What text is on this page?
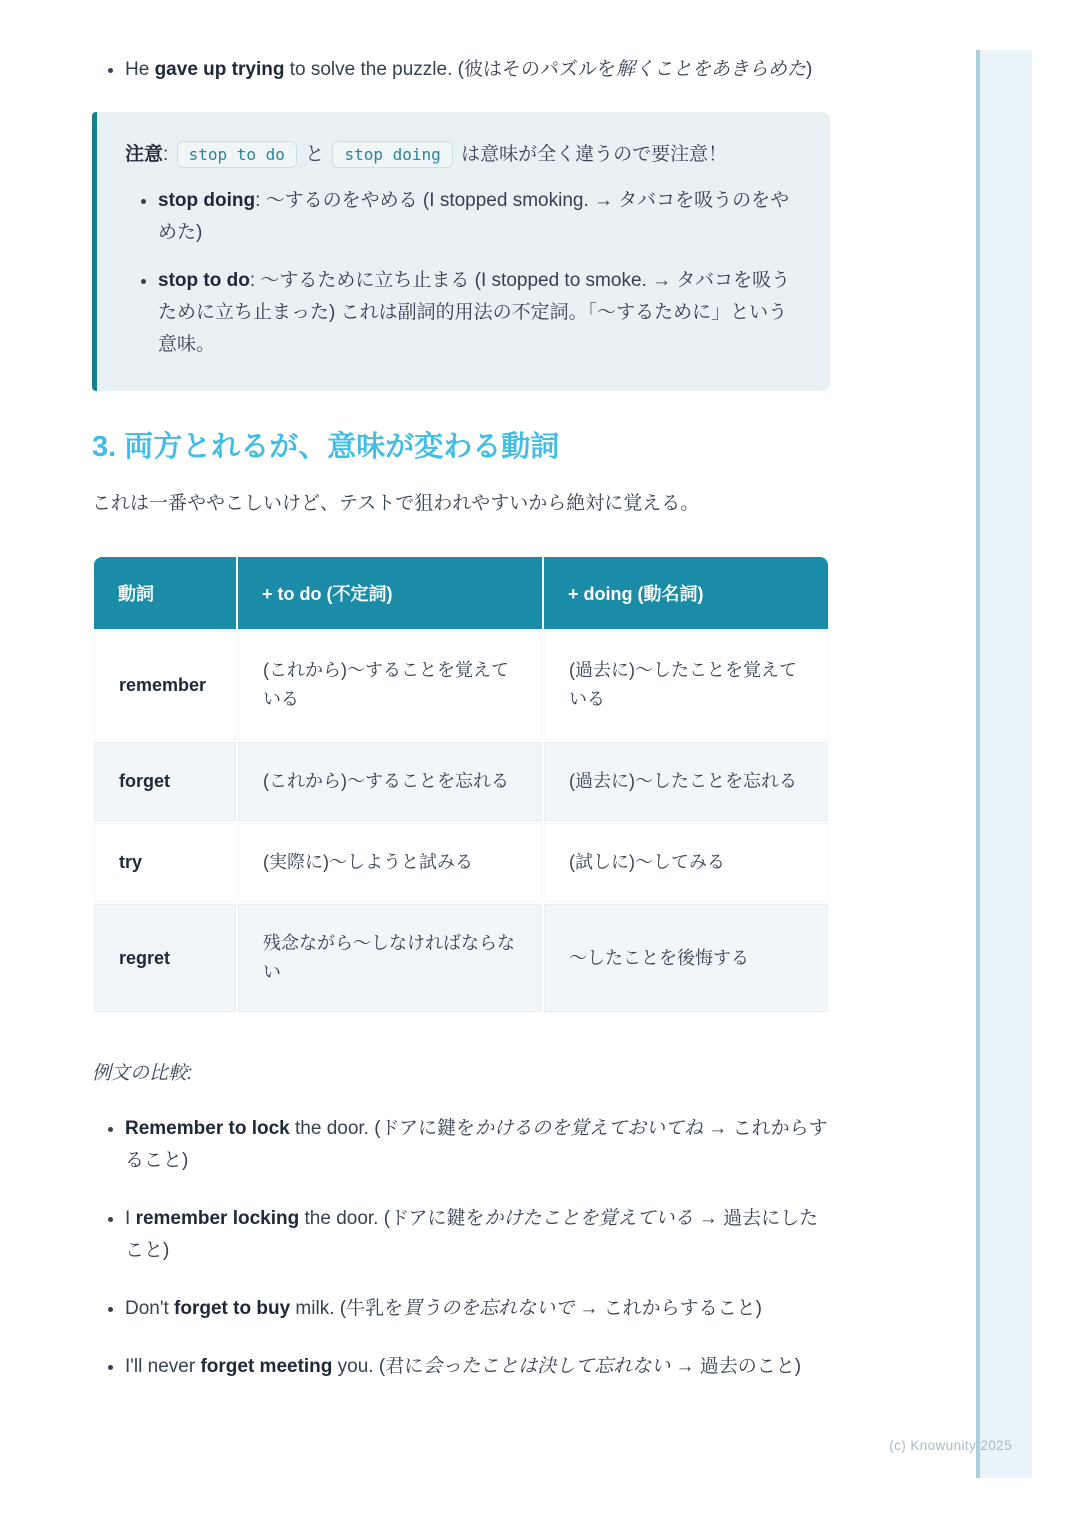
• He gave up trying to solve the puzzle. (彼はそのパズルを解くことをあきらめた)
注意: stop to do と stop doing は意味が全く違うので要注意！
• stop doing: 〜するのをやめる (I stopped smoking. → タバコを吸うのをやめた)
• stop to do: 〜するために立ち止まる (I stopped to smoke. → タバコを吸うために立ち止まった) これは副詞的用法の不定詞。「〜するために」という意味。
3. 両方とれるが、意味が変わる動詞

これは一番ややこしいけど、テストで狙われやすいから絶対に覚える。

動詞	+ to do (不定詞)	+ doing (動名詞)
remember	(これから)〜することを覚えている	(過去に)〜したことを覚えている
forget	(これから)〜することを忘れる	(過去に)〜したことを忘れる
try	(実際に)〜しようと試みる	(試しに)〜してみる
regret	残念ながら〜しなければならない	〜したことを後悔する
例文の比較:
• Remember to lock the door. (ドアに鍵をかけるのを覚えておいてね → これからすること)
• I remember locking the door. (ドアに鍵をかけたことを覚えている → 過去にしたこと)
• Don't forget to buy milk. (牛乳を買うのを忘れないで → これからすること)
• I'll never forget meeting you. (君に会ったことは決して忘れない → 過去のこと)
(c) Knowunity 2025
